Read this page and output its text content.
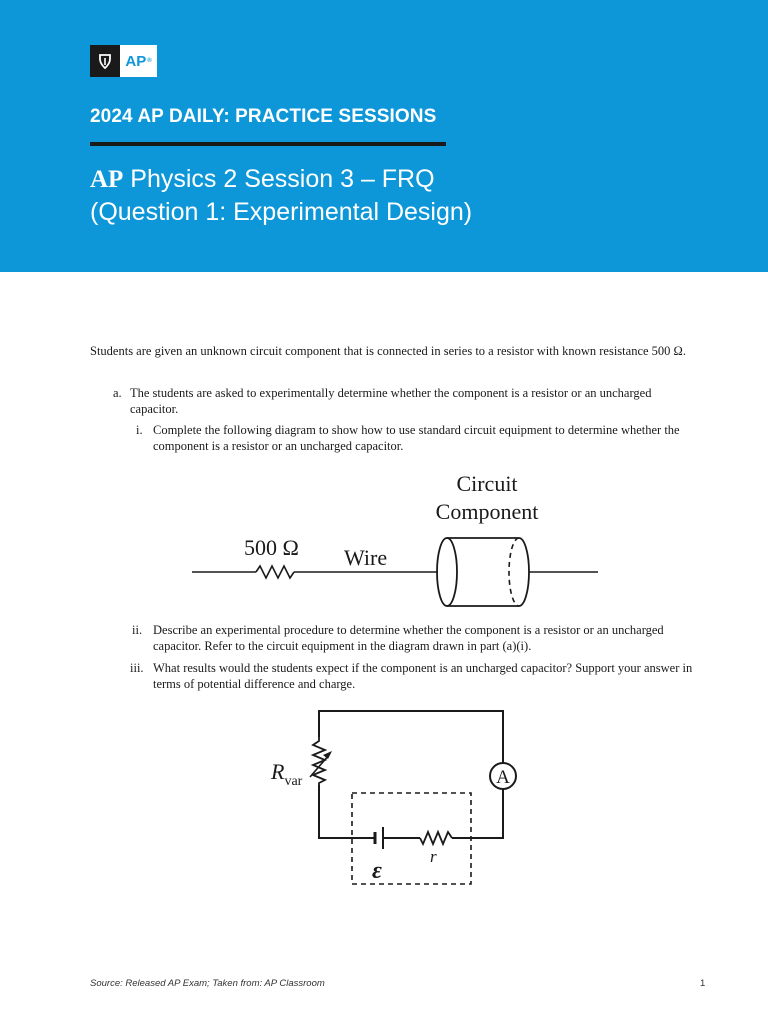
AP ®
2024 AP DAILY: PRACTICE SESSIONS
AP Physics 2 Session 3 – FRQ
(Question 1: Experimental Design)
Students are given an unknown circuit component that is connected in series to a resistor with known resistance 500 Ω.
a. The students are asked to experimentally determine whether the component is a resistor or an uncharged capacitor.
i. Complete the following diagram to show how to use standard circuit equipment to determine whether the component is a resistor or an uncharged capacitor.
500 Ω Wire
Circuit
Component
ii. Describe an experimental procedure to determine whether the component is a resistor or an uncharged capacitor. Refer to the circuit equipment in the diagram drawn in part (a)(i).
iii. What results would the students expect if the component is an uncharged capacitor? Support your answer in terms of potential difference and charge.
A
$R_{var}$
ε
r
Source: Released AP Exam; Taken from: AP Classroom	1
